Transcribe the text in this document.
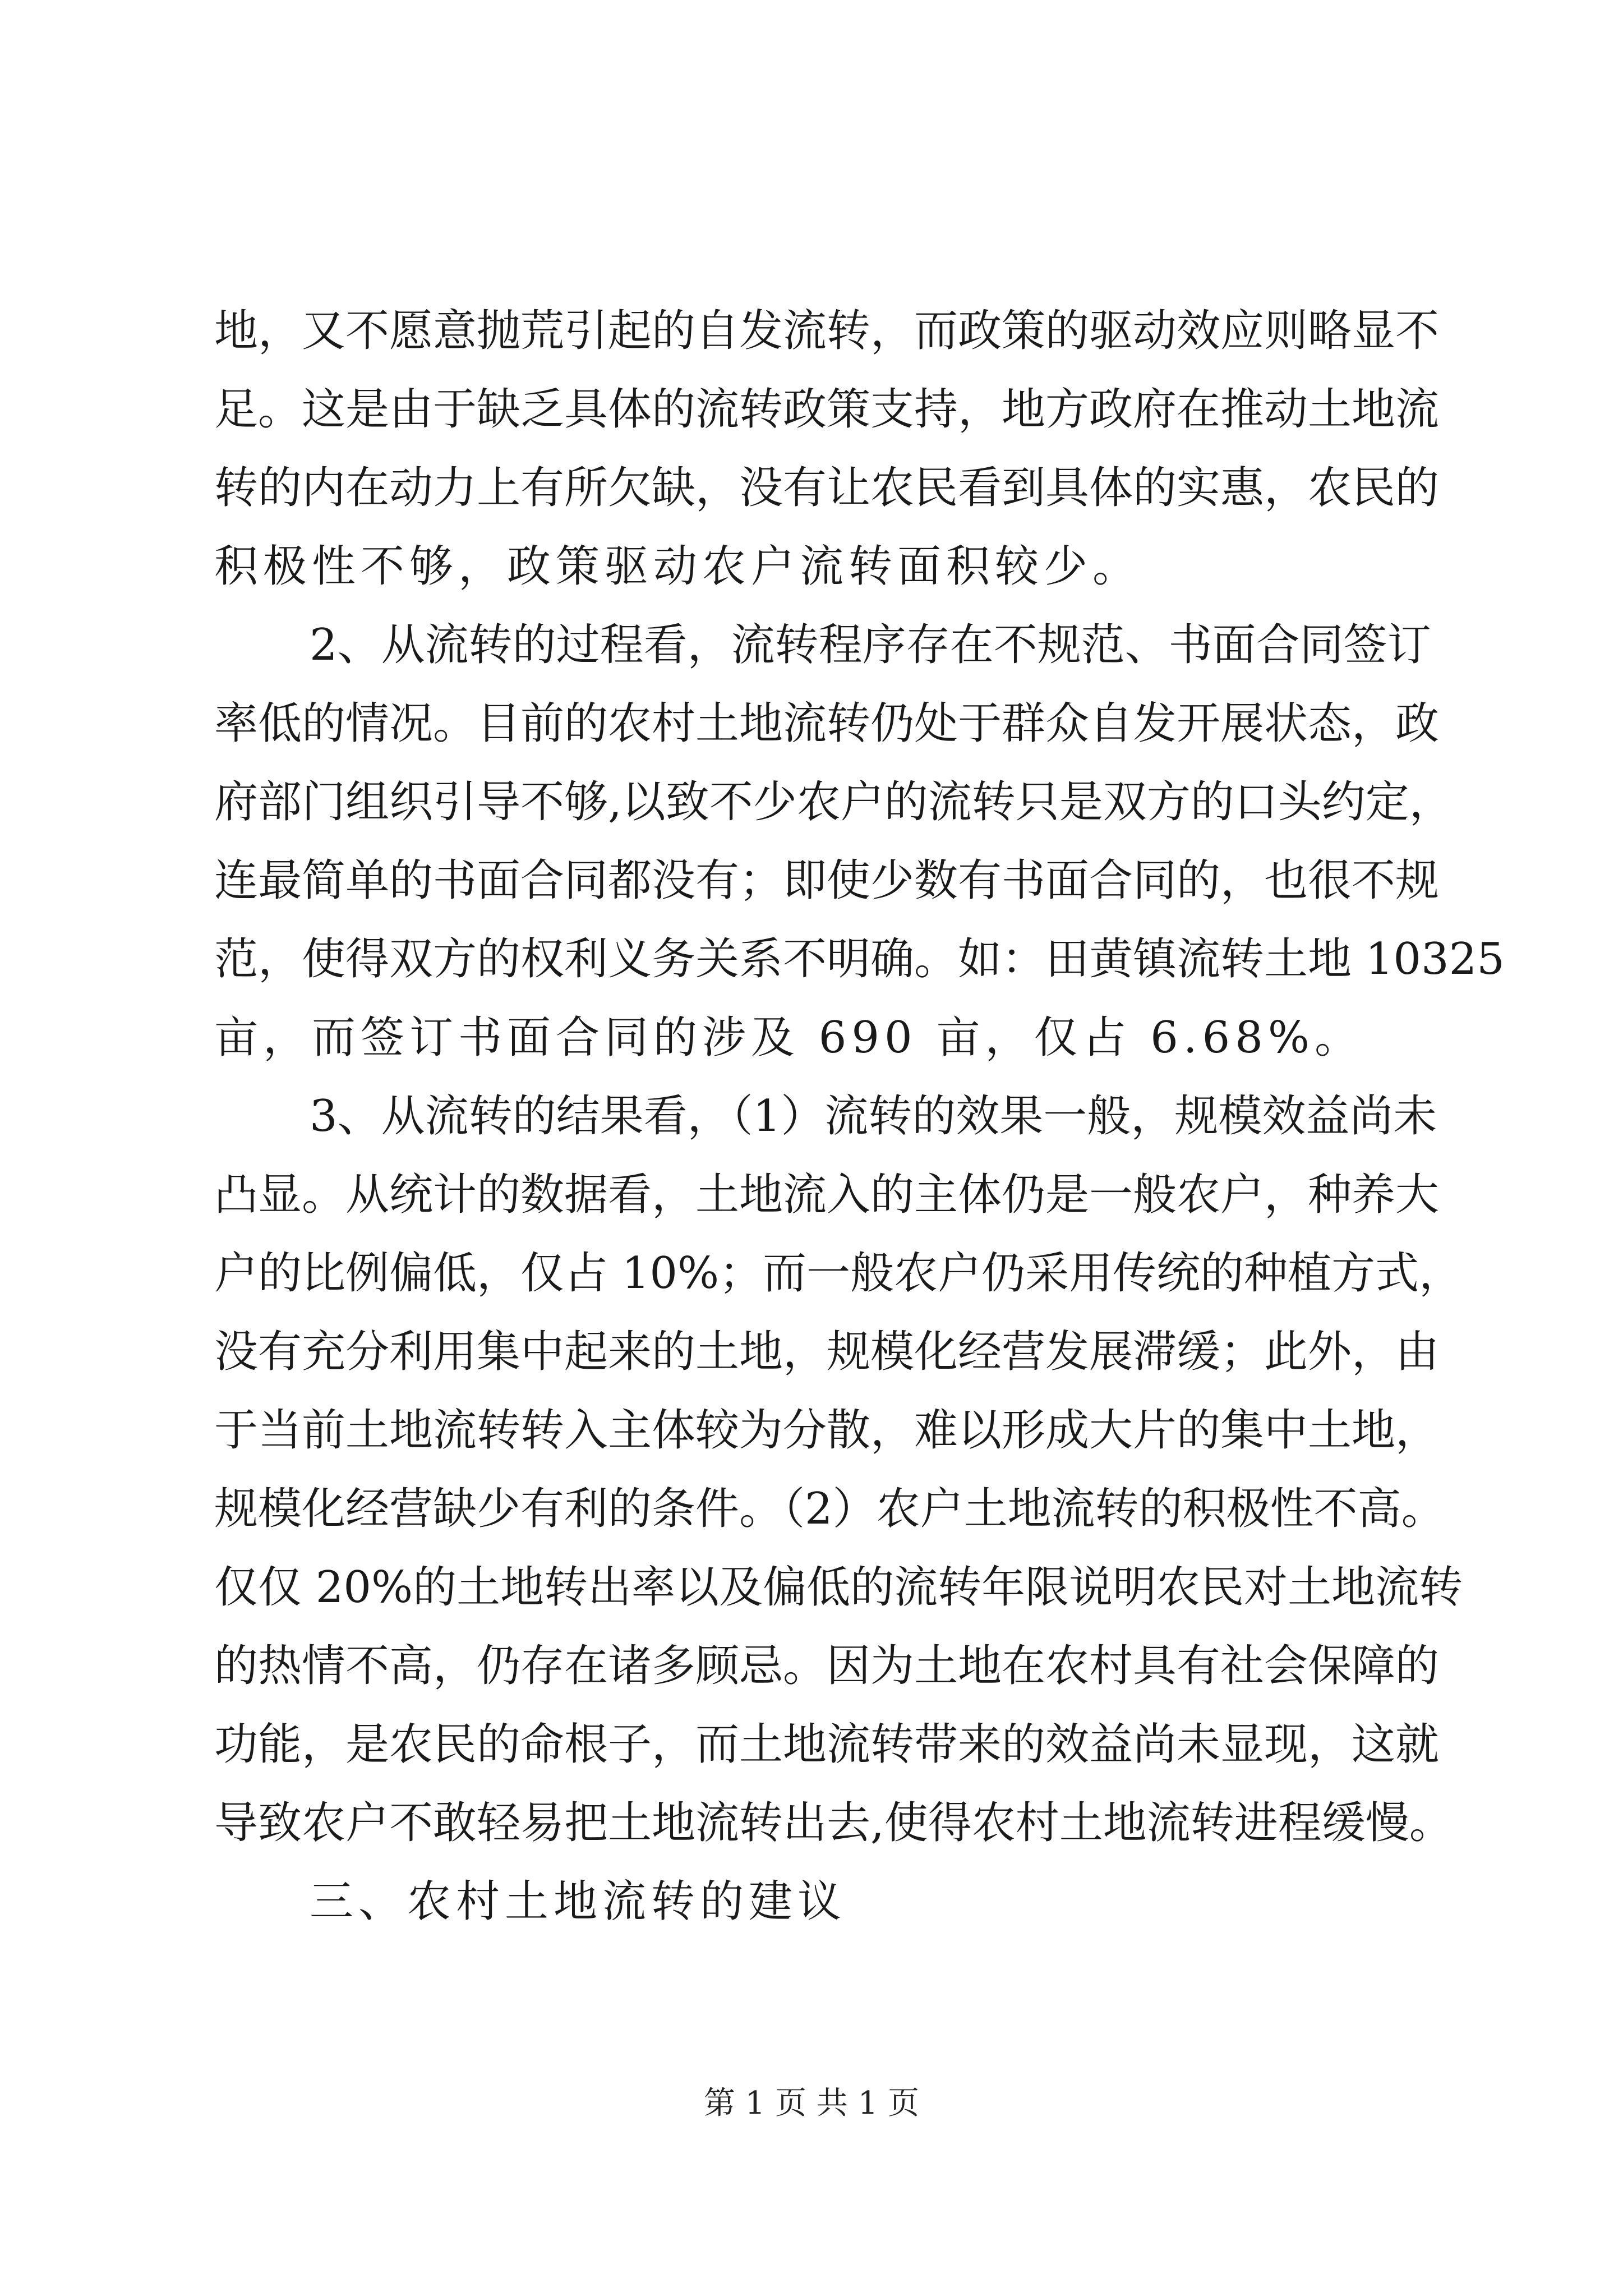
地，又不愿意抛荒引起的自发流转，而政策的驱动效应则略显不
足。这是由于缺乏具体的流转政策支持，地方政府在推动土地流
转的内在动力上有所欠缺，没有让农民看到具体的实惠，农民的
积极性不够，政策驱动农户流转面积较少。
2、从流转的过程看，流转程序存在不规范、书面合同签订
率低的情况。目前的农村土地流转仍处于群众自发开展状态，政
府部门组织引导不够,以致不少农户的流转只是双方的口头约定，
连最简单的书面合同都没有；即使少数有书面合同的，也很不规
范，使得双方的权利义务关系不明确。如：田黄镇流转土地 10325
亩，而签订书面合同的涉及 690 亩，仅占 6.68%。
3、从流转的结果看，（1）流转的效果一般，规模效益尚未
凸显。从统计的数据看，土地流入的主体仍是一般农户，种养大
户的比例偏低，仅占 10%；而一般农户仍采用传统的种植方式，
没有充分利用集中起来的土地，规模化经营发展滞缓；此外，由
于当前土地流转转入主体较为分散，难以形成大片的集中土地，
规模化经营缺少有利的条件。（2）农户土地流转的积极性不高。
仅仅 20%的土地转出率以及偏低的流转年限说明农民对土地流转
的热情不高，仍存在诸多顾忌。因为土地在农村具有社会保障的
功能，是农民的命根子，而土地流转带来的效益尚未显现，这就
导致农户不敢轻易把土地流转出去,使得农村土地流转进程缓慢。
三、农村土地流转的建议
第 1 页 共 1 页
